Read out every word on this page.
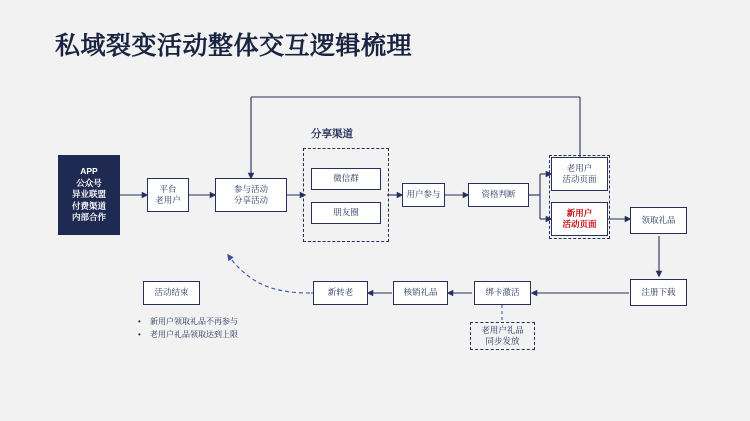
私域裂变活动整体交互逻辑梳理
分享渠道
APP
公众号
异业联盟
付费渠道
内部合作
平台
老用户
参与活动
分享活动
微信群
朋友圈
用户参与	资格判断
老用户
活动页面
新用户
活动页面	领取礼品
注册下载
绑卡激活
老用户礼品
同步发放
核销礼品
新转老
活动结束
•	新用户领取礼品不再参与
•	老用户礼品领取达到上限
